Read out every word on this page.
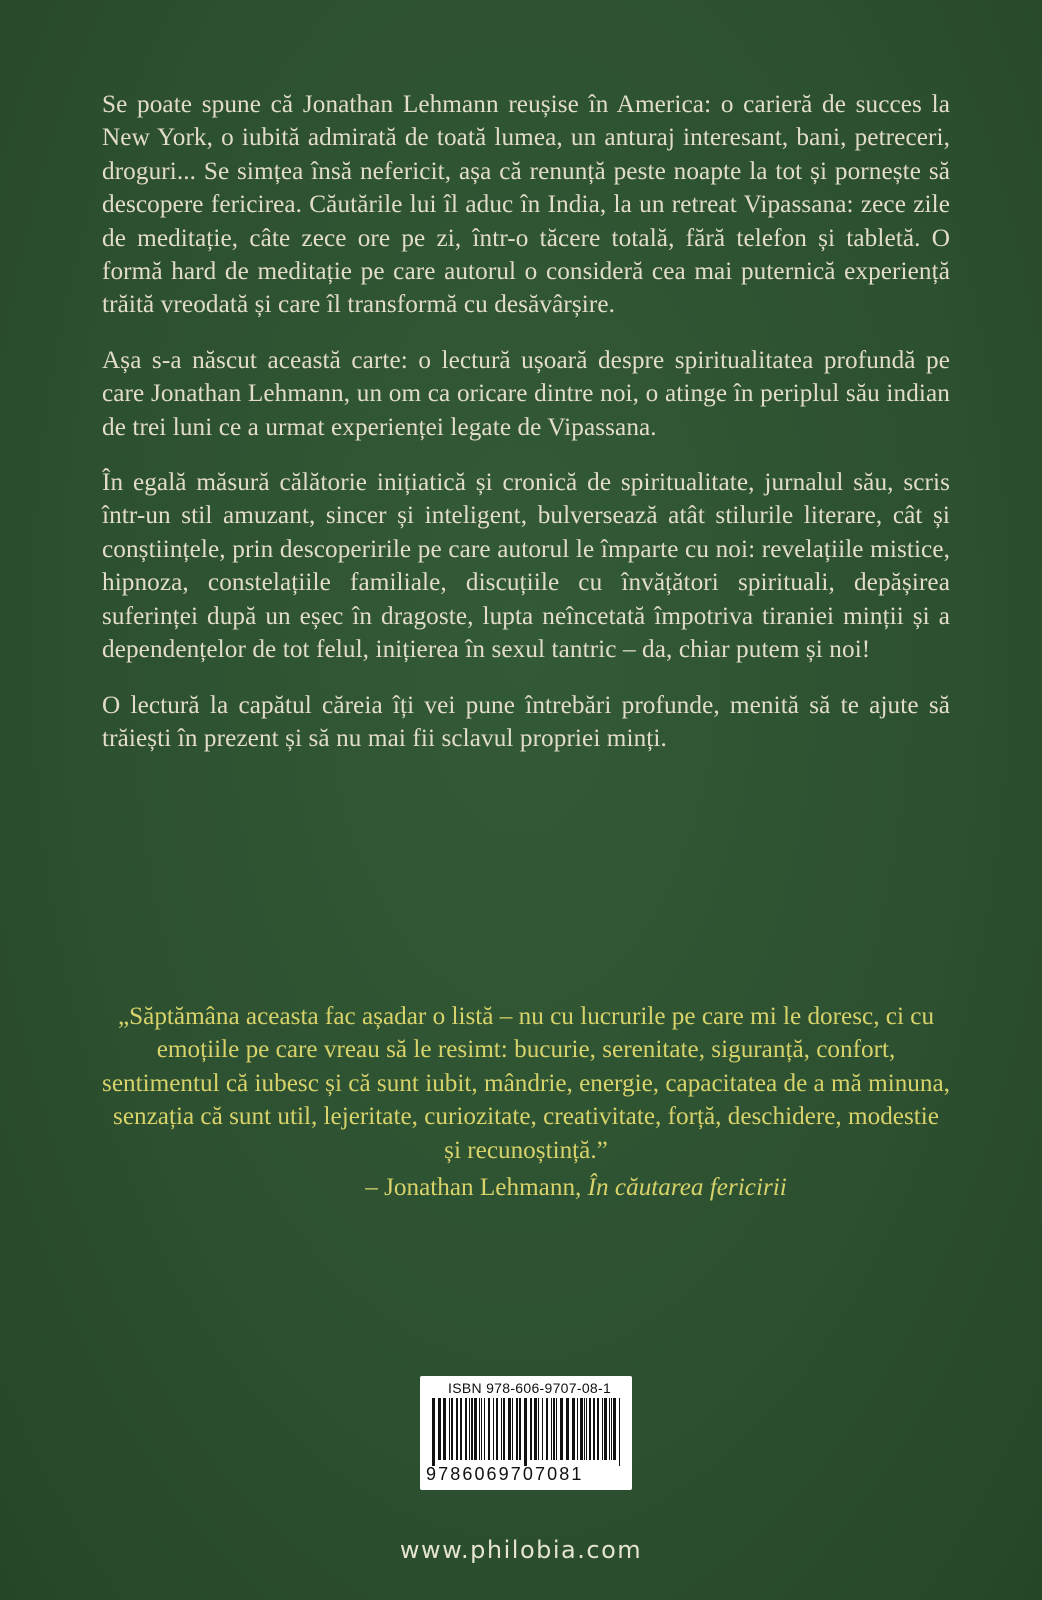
Se poate spune că Jonathan Lehmann reușise în America: o carieră de succes la New York, o iubită admirată de toată lumea, un anturaj interesant, bani, petreceri, droguri... Se simțea însă nefericit, așa că renunță peste noapte la tot și pornește să descopere fericirea. Căutările lui îl aduc în India, la un retreat Vipassana: zece zile de meditație, câte zece ore pe zi, într-o tăcere totală, fără telefon și tabletă. O formă hard de meditație pe care autorul o consideră cea mai puternică experiență trăită vreodată și care îl transformă cu desăvârșire.

Așa s-a născut această carte: o lectură ușoară despre spiritualitatea profundă pe care Jonathan Lehmann, un om ca oricare dintre noi, o atinge în periplul său indian de trei luni ce a urmat experienței legate de Vipassana.

În egală măsură călătorie inițiatică și cronică de spiritualitate, jurnalul său, scris într-un stil amuzant, sincer și inteligent, bulversează atât stilurile literare, cât și conștiințele, prin descoperirile pe care autorul le împarte cu noi: revelațiile mistice, hipnoza, constelațiile familiale, discuțiile cu învățători spirituali, depășirea suferinței după un eșec în dragoste, lupta neîncetată împotriva tiraniei minții și a dependențelor de tot felul, inițierea în sexul tantric – da, chiar putem și noi!

O lectură la capătul căreia îți vei pune întrebări profunde, menită să te ajute să trăiești în prezent și să nu mai fii sclavul propriei minți.

„Săptămâna aceasta fac așadar o listă – nu cu lucrurile pe care mi le doresc, ci cu emoțiile pe care vreau să le resimt: bucurie, serenitate, siguranță, confort, sentimentul că iubesc și că sunt iubit, mândrie, energie, capacitatea de a mă minuna, senzația că sunt util, lejeritate, curiozitate, creativitate, forță, deschidere, modestie și recunoștință.”

– Jonathan Lehmann, În căutarea fericirii

ISBN 978-606-9707-08-1
9786069707081
www.philobia.com
